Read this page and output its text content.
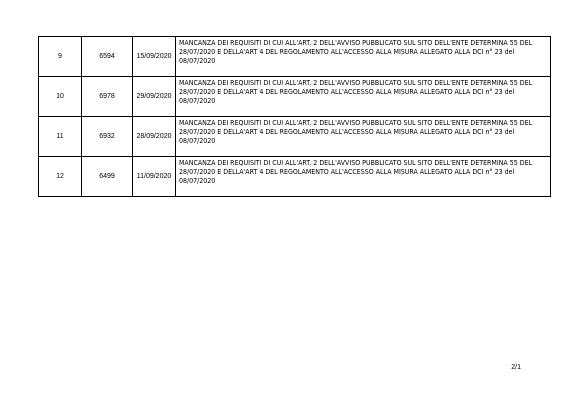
9	6594	15/09/2020	MANCANZA DEI REQUISITI DI CUI ALL'ART. 2 DELL'AVVISO PUBBLICATO SUL SITO DELL'ENTE DETERMINA 55 DEL 28/07/2020 E DELLA'ART 4 DEL REGOLAMENTO ALL'ACCESSO ALLA MISURA ALLEGATO ALLA DCI n° 23 del 08/07/2020
10	6978	29/09/2020	MANCANZA DEI REQUISITI DI CUI ALL'ART. 2 DELL'AVVISO PUBBLICATO SUL SITO DELL'ENTE DETERMINA 55 DEL 28/07/2020 E DELLA'ART 4 DEL REGOLAMENTO ALL'ACCESSO ALLA MISURA ALLEGATO ALLA DCI n° 23 del 08/07/2020
11	6932	28/09/2020	MANCANZA DEI REQUISITI DI CUI ALL'ART. 2 DELL'AVVISO PUBBLICATO SUL SITO DELL'ENTE DETERMINA 55 DEL 28/07/2020 E DELLA'ART 4 DEL REGOLAMENTO ALL'ACCESSO ALLA MISURA ALLEGATO ALLA DCI n° 23 del 08/07/2020
12	6499	11/09/2020	MANCANZA DEI REQUISITI DI CUI ALL'ART. 2 DELL'AVVISO PUBBLICATO SUL SITO DELL'ENTE DETERMINA 55 DEL 28/07/2020 E DELLA'ART 4 DEL REGOLAMENTO ALL'ACCESSO ALLA MISURA ALLEGATO ALLA DCI n° 23 del 08/07/2020
2/1
